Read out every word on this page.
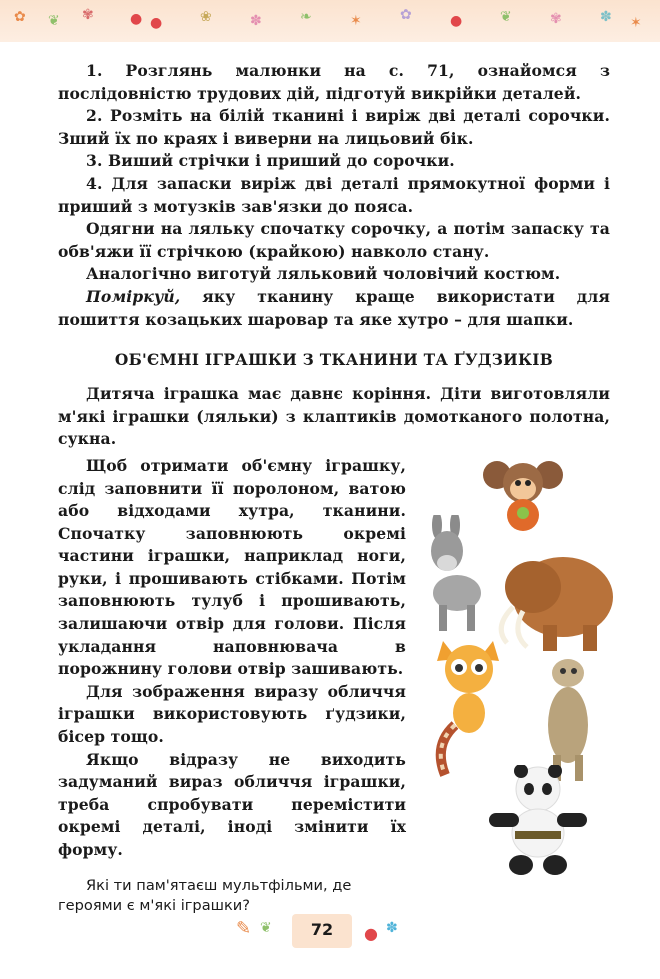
✿ ❦ ✾	● ●	❀	✽	❧	✶	✿	●	❦	✾	✽ ✶

1. Розглянь малюнки на с. 71, ознайомся з послідовністю трудових дій, підготуй викрійки деталей.

2. Розміть на білій тканині і виріж дві деталі сорочки. Зший їх по краях і виверни на лицьовий бік.

3. Виший стрічки і приший до сорочки.

4. Для запаски виріж дві деталі прямокутної форми і приший з мотузків зав'язки до пояса.

Одягни на ляльку спочатку сорочку, а потім запаску та обв'яжи її стрічкою (крайкою) навколо стану.

Аналогічно виготуй ляльковий чоловічий костюм.

Поміркуй, яку тканину краще використати для пошиття козацьких шаровар та яке хутро – для шапки.

ОБ'ЄМНІ ІГРАШКИ З ТКАНИНИ ТА ҐУДЗИКІВ

Дитяча іграшка має давнє коріння. Діти виготовляли м'які іграшки (ляльки) з клаптиків домотканого полотна, сукна.

Щоб отримати об'ємну іграшку, слід заповнити її поролоном, ватою або відходами хутра, тканини. Спочатку заповнюють окремі частини іграшки, наприклад ноги, руки, і прошивають стібками. Потім заповнюють тулуб і прошивають, залишаючи отвір для голови. Після укладання наповнювача в порожнину голови отвір зашивають.

Для зображення виразу обличчя іграшки використовують ґудзики, бісер тощо.

Якщо відразу не виходить задуманий вираз обличчя іграшки, треба спробувати перемістити окремі деталі, іноді змінити їх форму.

Які ти пам'ятаєш мультфільми, де героями є м'які іграшки?

✎ ❦	72	● ✽
